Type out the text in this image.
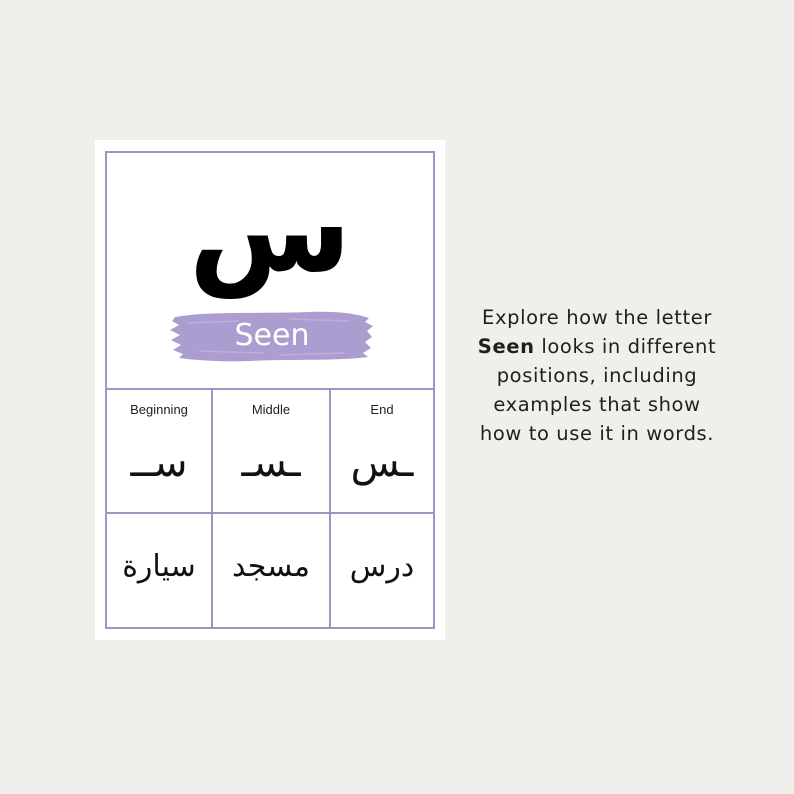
س
Seen
Beginning
ســ
Middle
ـسـ
End
ـس
سيارة	مسجد	درس
Explore how the letter Seen looks in different positions, including examples that show how to use it in words.
